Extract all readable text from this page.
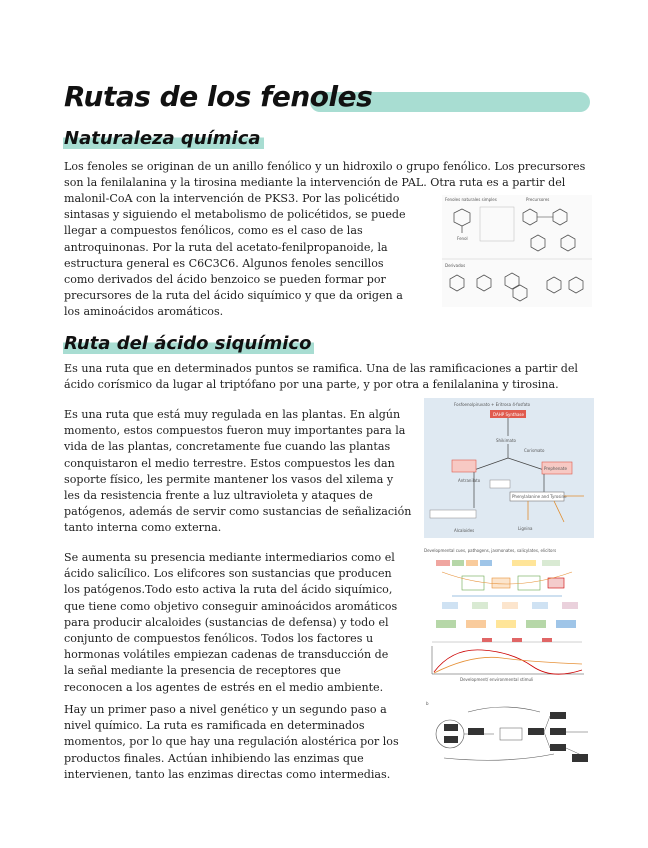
Rutas de los fenoles
Naturaleza química

Los fenoles se originan de un anillo fenólico y un hidroxilo o grupo fenólico. Los precursores

son la fenilalanina y la tirosina mediante la intervención de PAL. Otra ruta es a partir del

malonil-CoA con la intervención de PKS3. Por las policétido sintasas y siguiendo el metabolismo de policétidos, se puede llegar a compuestos fenólicos, como es el caso de las antroquinonas. Por la ruta del acetato-fenilpropanoide, la estructura general es C6C3C6. Algunos fenoles sencillos como derivados del ácido benzoico se pueden formar por precursores de la ruta del ácido siquímico y que da origen a los aminoácidos aromáticos.

Fenoles naturales simples	Precursores
Fenol
Derivados
Ruta del ácido siquímico

Es una ruta que en determinados puntos se ramifica. Una de las ramificaciones a partir del ácido corísmico da lugar al triptófano por una parte, y por otra a fenilalanina y tirosina.

Es una ruta que está muy regulada en las plantas. En algún momento, estos compuestos fueron muy importantes para la vida de las plantas, concretamente fue cuando las plantas conquistaron el medio terrestre. Estos compuestos les dan soporte físico, les permite mantener los vasos del xilema y les da resistencia frente a luz ultravioleta y ataques de patógenos, además de servir como sustancias de señalización tanto interna como externa.

Fosfoenolpiruvato + Eritrosa 4-fosfato
DAHP Synthase
Shikimato
Corismato
Prephenate
Antranilato
Phenylalanine and Tyrosine
Alcaloides	Lignina

Se aumenta su presencia mediante intermediarios como el ácido salicílico. Los elifcores son sustancias que producen los patógenos.Todo esto activa la ruta del ácido siquímico, que tiene como objetivo conseguir aminoácidos aromáticos para producir alcaloides (sustancias de defensa) y todo el conjunto de compuestos fenólicos. Todos los factores u hormonas volátiles empiezan cadenas de transducción de la señal mediante la presencia de receptores que reconocen a los agentes de estrés en el medio ambiente.

Developmental cues, pathogens, jasmonates, salicylates, elicitors
Development/ environmental stimuli

Hay un primer paso a nivel genético y un segundo paso a nivel químico. La ruta es ramificada en determinados momentos, por lo que hay una regulación alostérica por los productos finales. Actúan inhibiendo las enzimas que intervienen, tanto las enzimas directas como intermedias.

b
